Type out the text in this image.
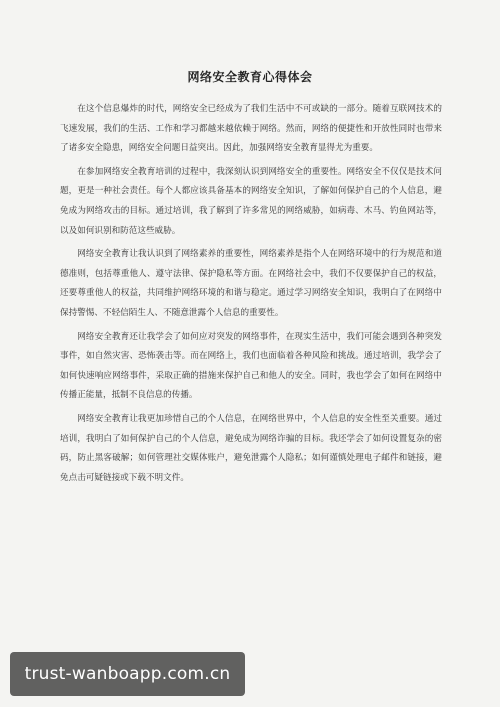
网络安全教育心得体会

在这个信息爆炸的时代，网络安全已经成为了我们生活中不可或缺的一部分。随着互联网技术的飞速发展，我们的生活、工作和学习都越来越依赖于网络。然而，网络的便捷性和开放性同时也带来了诸多安全隐患，网络安全问题日益突出。因此，加强网络安全教育显得尤为重要。

在参加网络安全教育培训的过程中，我深刻认识到网络安全的重要性。网络安全不仅仅是技术问题，更是一种社会责任。每个人都应该具备基本的网络安全知识，了解如何保护自己的个人信息，避免成为网络攻击的目标。通过培训，我了解到了许多常见的网络威胁，如病毒、木马、钓鱼网站等，以及如何识别和防范这些威胁。

网络安全教育让我认识到了网络素养的重要性，网络素养是指个人在网络环境中的行为规范和道德准则，包括尊重他人、遵守法律、保护隐私等方面。在网络社会中，我们不仅要保护自己的权益，还要尊重他人的权益，共同维护网络环境的和谐与稳定。通过学习网络安全知识，我明白了在网络中保持警惕、不轻信陌生人、不随意泄露个人信息的重要性。

网络安全教育还让我学会了如何应对突发的网络事件，在现实生活中，我们可能会遇到各种突发事件，如自然灾害、恐怖袭击等。而在网络上，我们也面临着各种风险和挑战。通过培训，我学会了如何快速响应网络事件，采取正确的措施来保护自己和他人的安全。同时，我也学会了如何在网络中传播正能量，抵制不良信息的传播。

网络安全教育让我更加珍惜自己的个人信息，在网络世界中，个人信息的安全性至关重要。通过培训，我明白了如何保护自己的个人信息，避免成为网络诈骗的目标。我还学会了如何设置复杂的密码，防止黑客破解；如何管理社交媒体账户，避免泄露个人隐私；如何谨慎处理电子邮件和链接，避免点击可疑链接或下载不明文件。

trust-wanboapp.com.cn
